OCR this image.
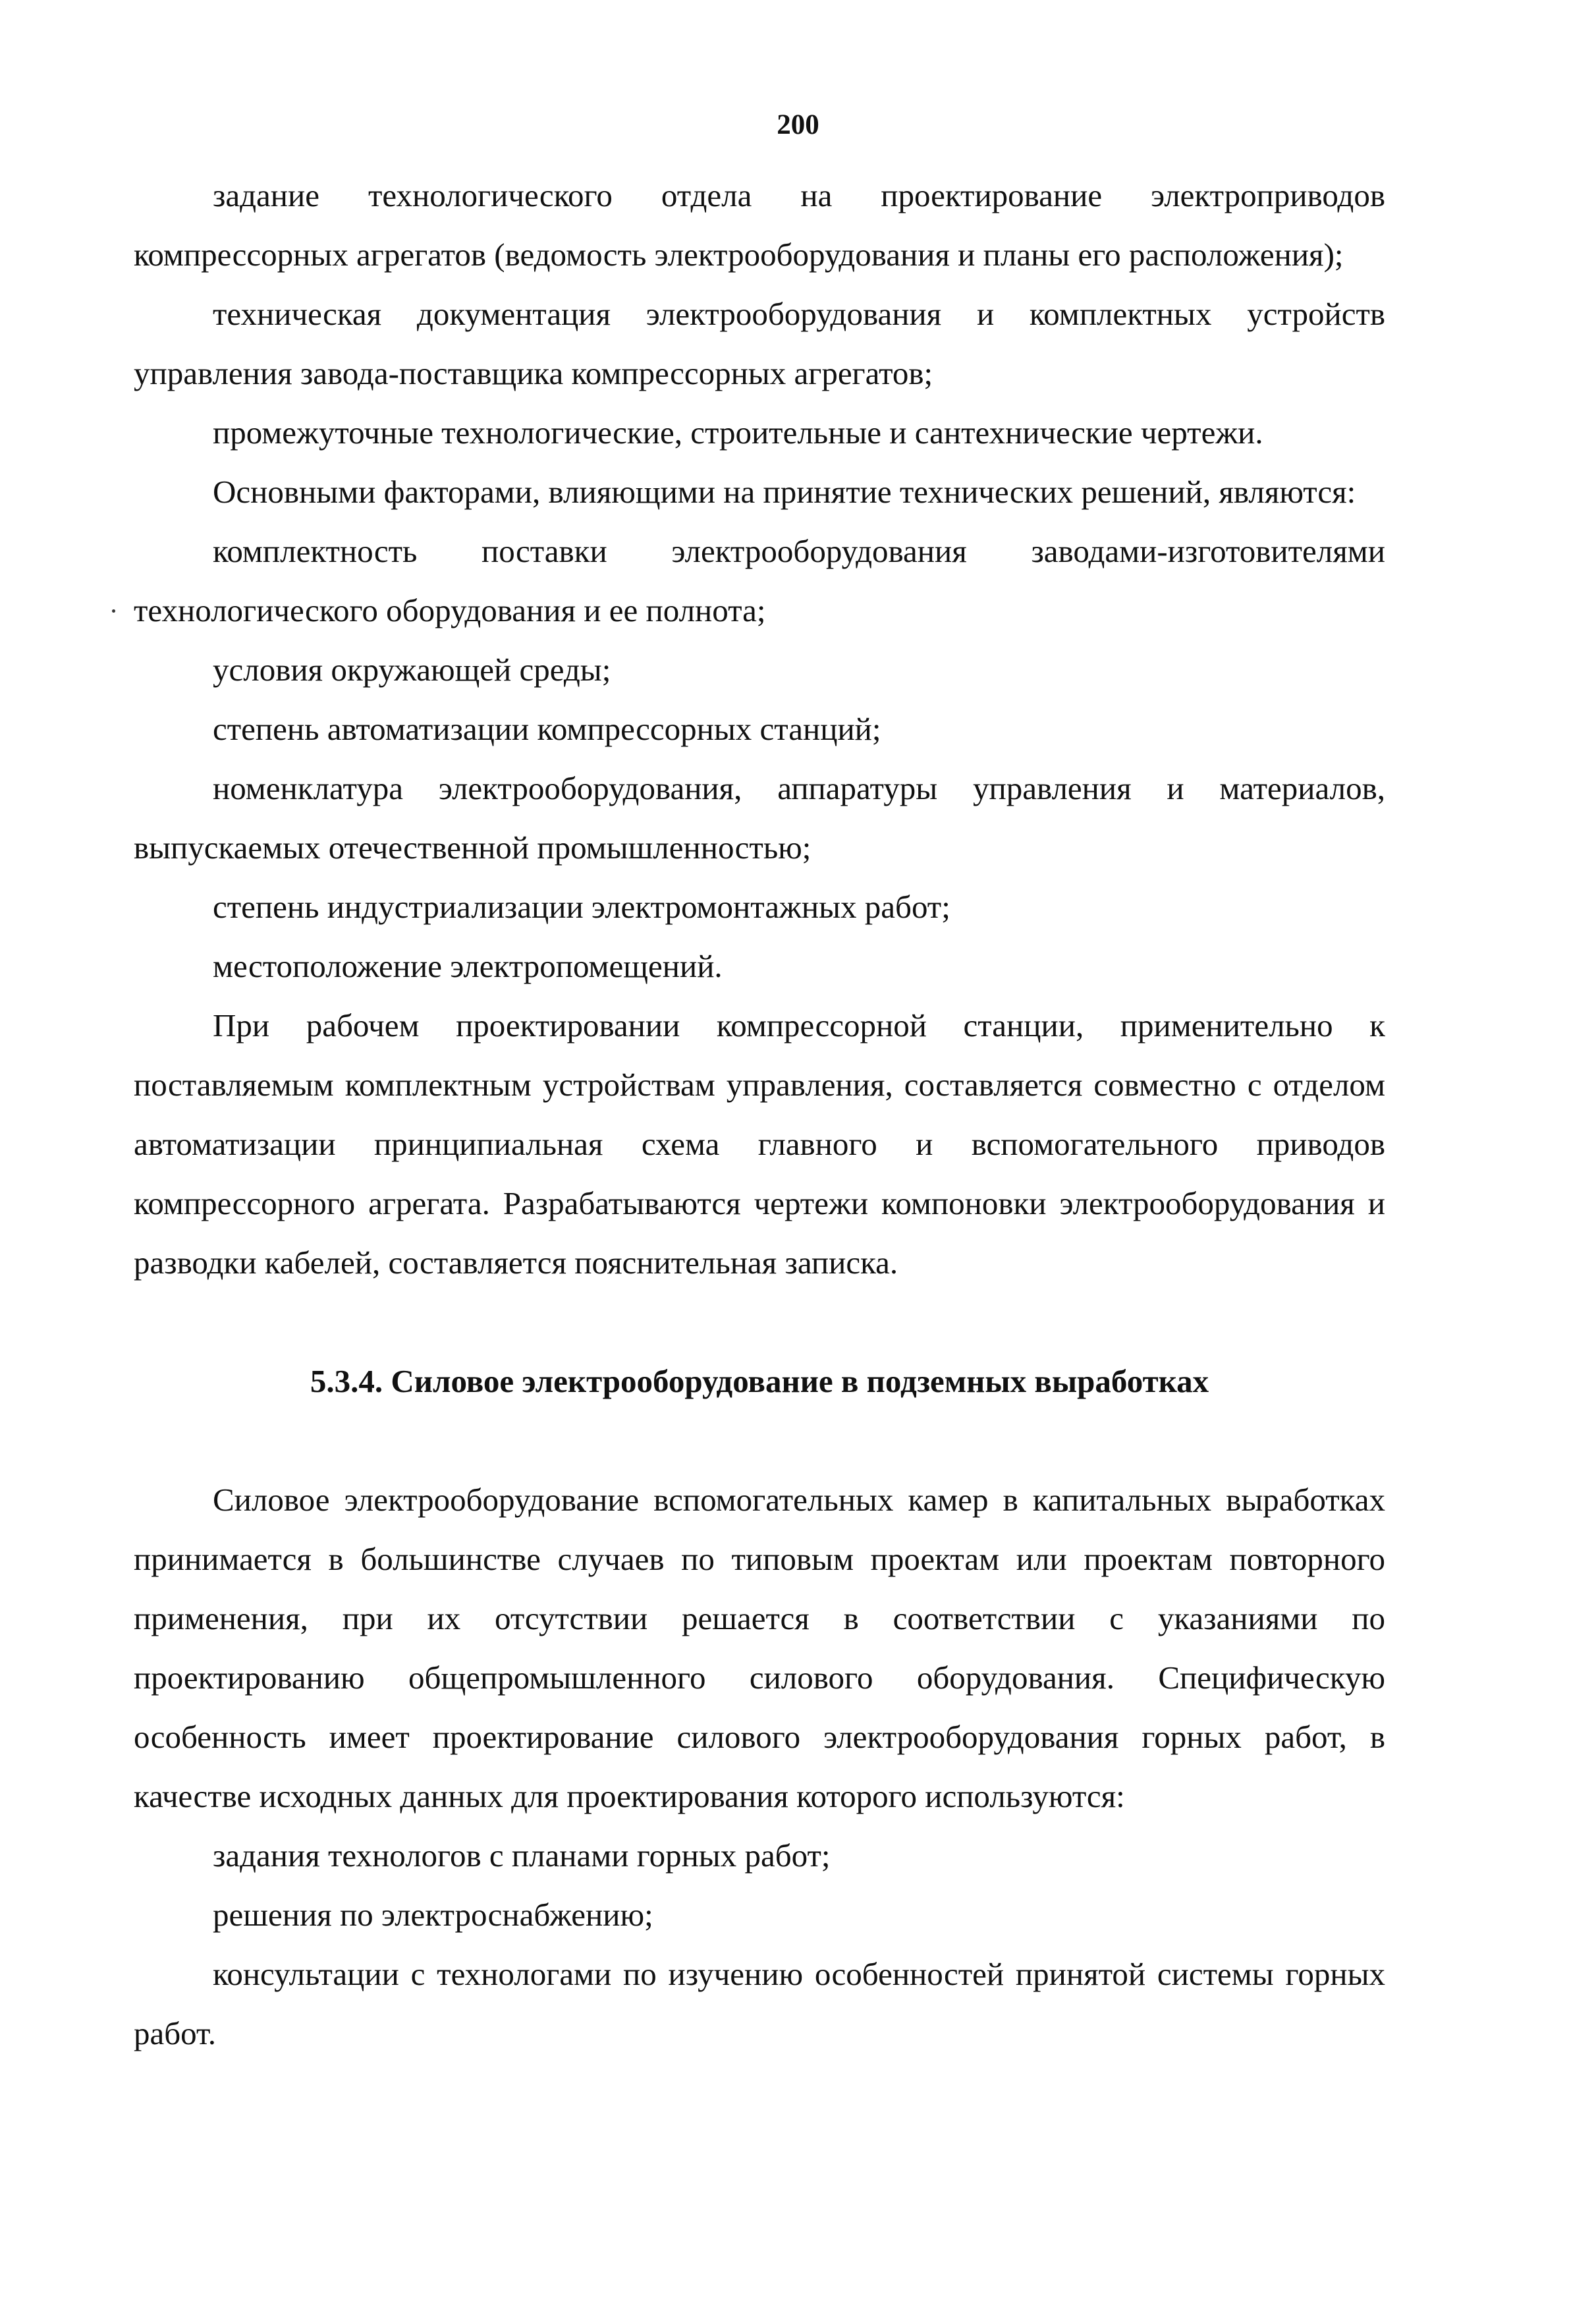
200

задание технологического отдела на проектирование электроприводов компрессорных агрегатов (ведомость электрооборудования и планы его расположения);

техническая документация электрооборудования и комплектных устройств управления завода-поставщика компрессорных агрегатов;

промежуточные технологические, строительные и сантехнические чертежи.

Основными факторами, влияющими на принятие технических решений, являются:

комплектность поставки электрооборудования заводами-изготовителями технологического оборудования и ее полнота;

условия окружающей среды;

степень автоматизации компрессорных станций;

номенклатура электрооборудования, аппаратуры управления и материалов, выпускаемых отечественной промышленностью;

степень индустриализации электромонтажных работ;

местоположение электропомещений.

При рабочем проектировании компрессорной станции, применительно к поставляемым комплектным устройствам управления, составляется совместно с отделом автоматизации принципиальная схема главного и вспомогательного приводов компрессорного агрегата. Разрабатываются чертежи компоновки электрооборудования и разводки кабелей, составляется пояснительная записка.

5.3.4. Силовое электрооборудование в подземных выработках

Силовое электрооборудование вспомогательных камер в капитальных выработках принимается в большинстве случаев по типовым проектам или проектам повторного применения, при их отсутствии решается в соответствии с указаниями по проектированию общепромышленного силового оборудования. Специфическую особенность имеет проектирование силового электрооборудования горных работ, в качестве исходных данных для проектирования которого используются:

задания технологов с планами горных работ;

решения по электроснабжению;

консультации с технологами по изучению особенностей принятой системы горных работ.
